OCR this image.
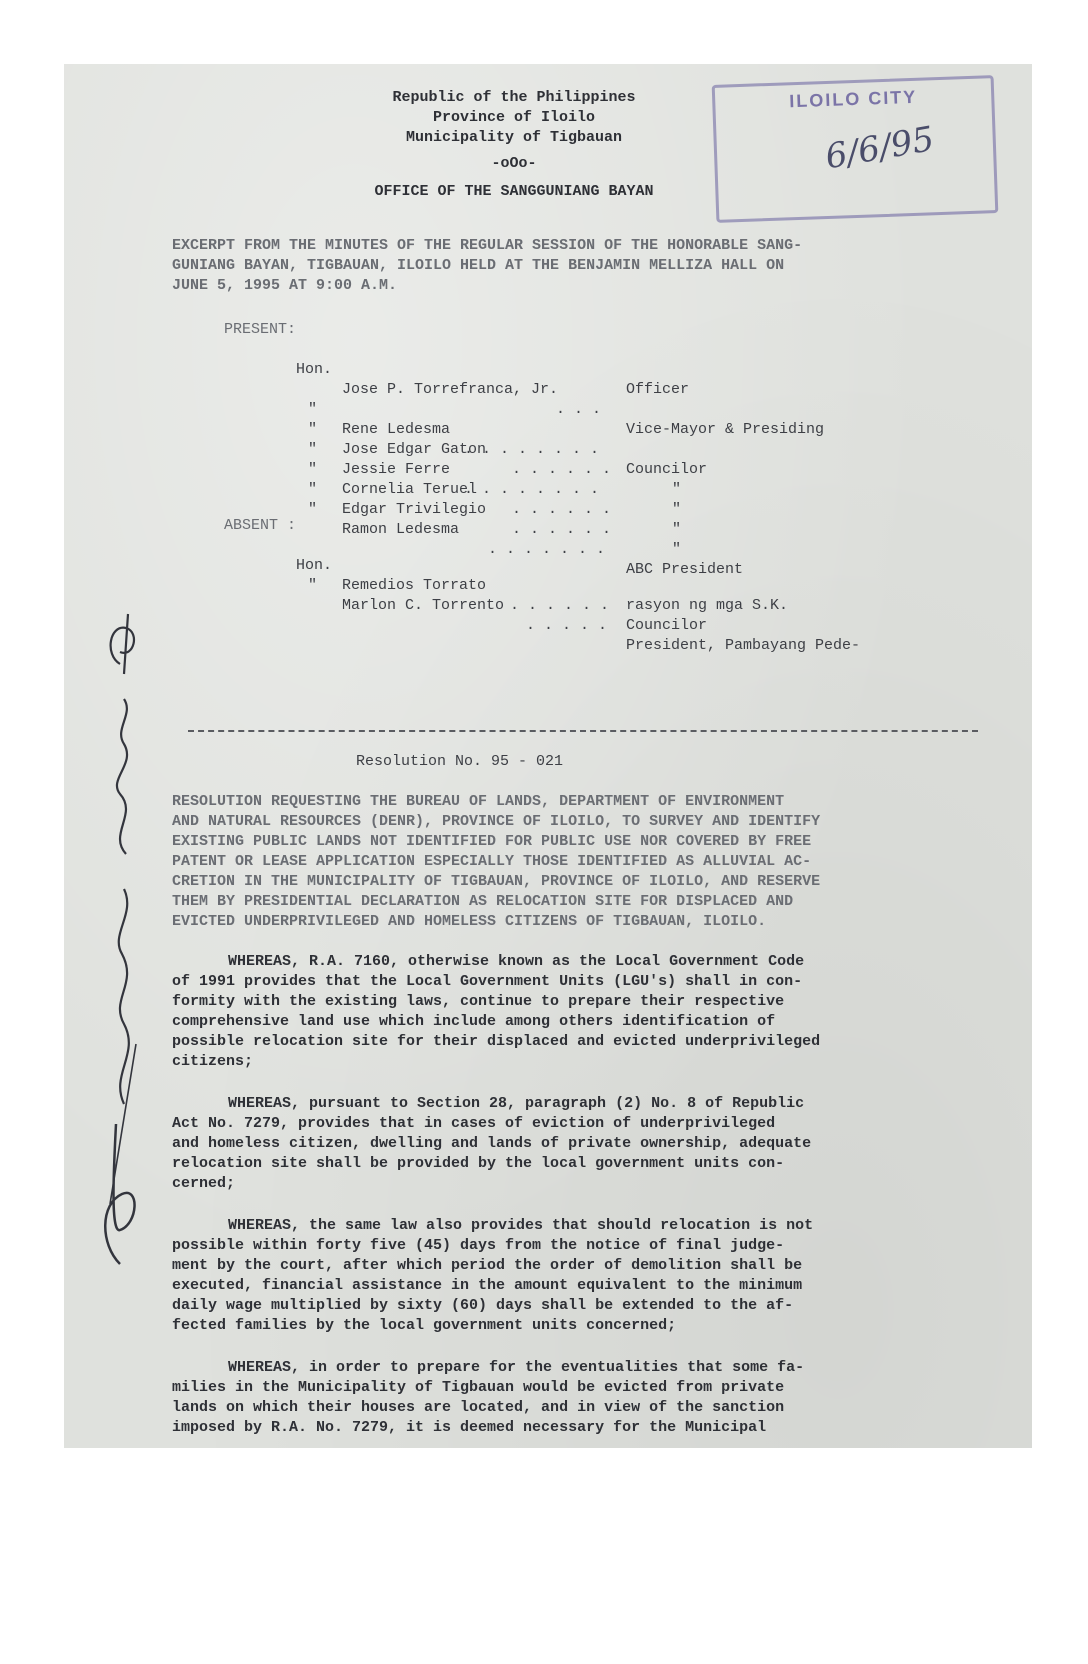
Republic of the Philippines
Province of Iloilo
Municipality of Tigbauan
-oOo-
OFFICE OF THE SANGGUNIANG BAYAN
ILOILO CITY
6/6/95
EXCERPT FROM THE MINUTES OF THE REGULAR SESSION OF THE HONORABLE SANG-
GUNIANG BAYAN, TIGBAUAN, ILOILO HELD AT THE BENJAMIN MELLIZA HALL ON
JUNE 5, 1995 AT 9:00 A.M.
PRESENT:

Hon.

Jose P. Torrefranca, Jr.

. . .

Vice-Mayor & Presiding

Officer

"

Rene Ledesma

. . . . . . . .

Councilor

"

Jose Edgar Gaton

. . . . . .

"

"

Jessie Ferre

. . . . . . . .

"

"

Cornelia Teruel

. . . . . .

"

"

Edgar Trivilegio

. . . . . .

"

"

Ramon Ledesma

. . . . . . .

ABC President

ABSENT :

Hon.

Remedios Torrato

. . . . . .

Councilor

"

Marlon C. Torrento

. . . . .

President, Pambayang Pede-

rasyon ng mga S.K.

Resolution No. 95 - 021
RESOLUTION REQUESTING THE BUREAU OF LANDS, DEPARTMENT OF ENVIRONMENT
AND NATURAL RESOURCES (DENR), PROVINCE OF ILOILO, TO SURVEY AND IDENTIFY
EXISTING PUBLIC LANDS NOT IDENTIFIED FOR PUBLIC USE NOR COVERED BY FREE
PATENT OR LEASE APPLICATION ESPECIALLY THOSE IDENTIFIED AS ALLUVIAL AC-
CRETION IN THE MUNICIPALITY OF TIGBAUAN, PROVINCE OF ILOILO, AND RESERVE
THEM BY PRESIDENTIAL DECLARATION AS RELOCATION SITE FOR DISPLACED AND
EVICTED UNDERPRIVILEGED AND HOMELESS CITIZENS OF TIGBAUAN, ILOILO.
WHEREAS, R.A. 7160, otherwise known as the Local Government Code
of 1991 provides that the Local Government Units (LGU's) shall in con-
formity with the existing laws, continue to prepare their respective
comprehensive land use which include among others identification of
possible relocation site for their displaced and evicted underprivileged
citizens;
WHEREAS, pursuant to Section 28, paragraph (2) No. 8 of Republic
Act No. 7279, provides that in cases of eviction of underprivileged
and homeless citizen, dwelling and lands of private ownership, adequate
relocation site shall be provided by the local government units con-
cerned;
WHEREAS, the same law also provides that should relocation is not
possible within forty five (45) days from the notice of final judge-
ment by the court, after which period the order of demolition shall be
executed, financial assistance in the amount equivalent to the minimum
daily wage multiplied by sixty (60) days shall be extended to the af-
fected families by the local government units concerned;
WHEREAS, in order to prepare for the eventualities that some fa-
milies in the Municipality of Tigbauan would be evicted from private
lands on which their houses are located, and in view of the sanction
imposed by R.A. No. 7279, it is deemed necessary for the Municipal
